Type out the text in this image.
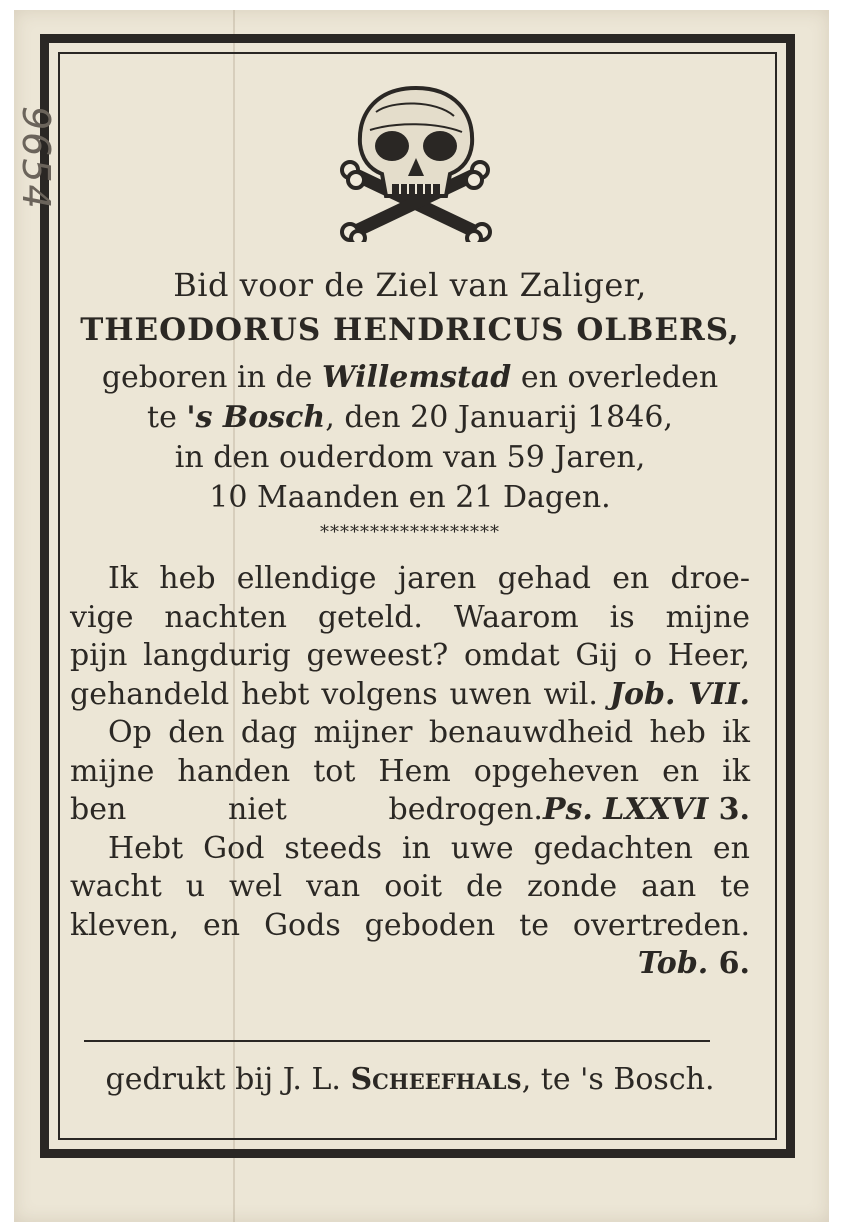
9654

Bid voor de Ziel van Zaliger,

THEODORUS HENDRICUS OLBERS,

geboren in de Willemstad en overleden

te 's Bosch, den 20 Januarij 1846,

in den ouderdom van 59 Jaren,

10 Maanden en 21 Dagen.

******************

Ik heb ellendige jaren gehad en droe-
vige nachten geteld. Waarom is mijne
pijn langdurig geweest? omdat Gij o Heer,
gehandeld hebt volgens uwen wil. Job. VII.
Op den dag mijner benauwdheid heb ik
mijne handen tot Hem opgeheven en ik
ben niet bedrogen. Ps. LXXVI 3.
Hebt God steeds in uwe gedachten en
wacht u wel van ooit de zonde aan te
kleven, en Gods geboden te overtreden.
Tob. 6.
gedrukt bij J. L. Scheefhals, te 's Bosch.
